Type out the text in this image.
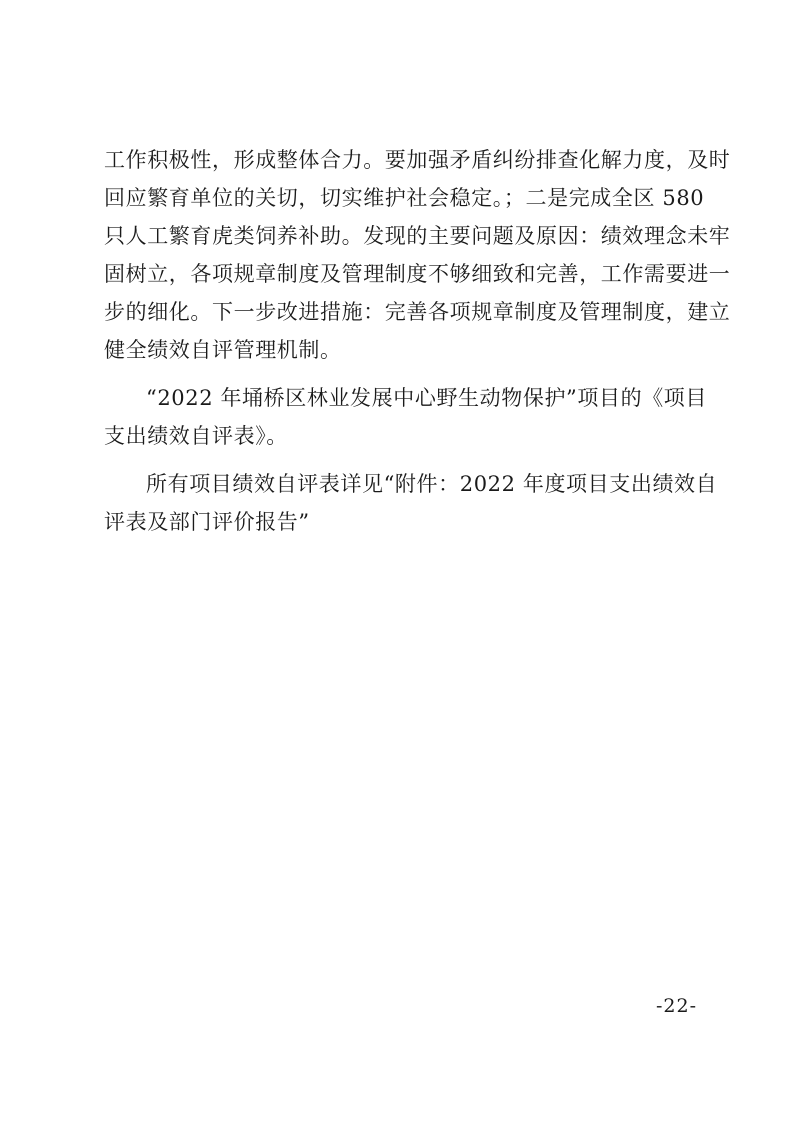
工作积极性，形成整体合力。要加强矛盾纠纷排查化解力度，及时
回应繁育单位的关切，切实维护社会稳定。；二是完成全区 580
只人工繁育虎类饲养补助。发现的主要问题及原因：绩效理念未牢
固树立，各项规章制度及管理制度不够细致和完善，工作需要进一
步的细化。下一步改进措施：完善各项规章制度及管理制度，建立
健全绩效自评管理机制。
“2022 年埇桥区林业发展中心野生动物保护”项目的《项目
支出绩效自评表》。
所有项目绩效自评表详见“附件：2022 年度项目支出绩效自
评表及部门评价报告”
-22-
